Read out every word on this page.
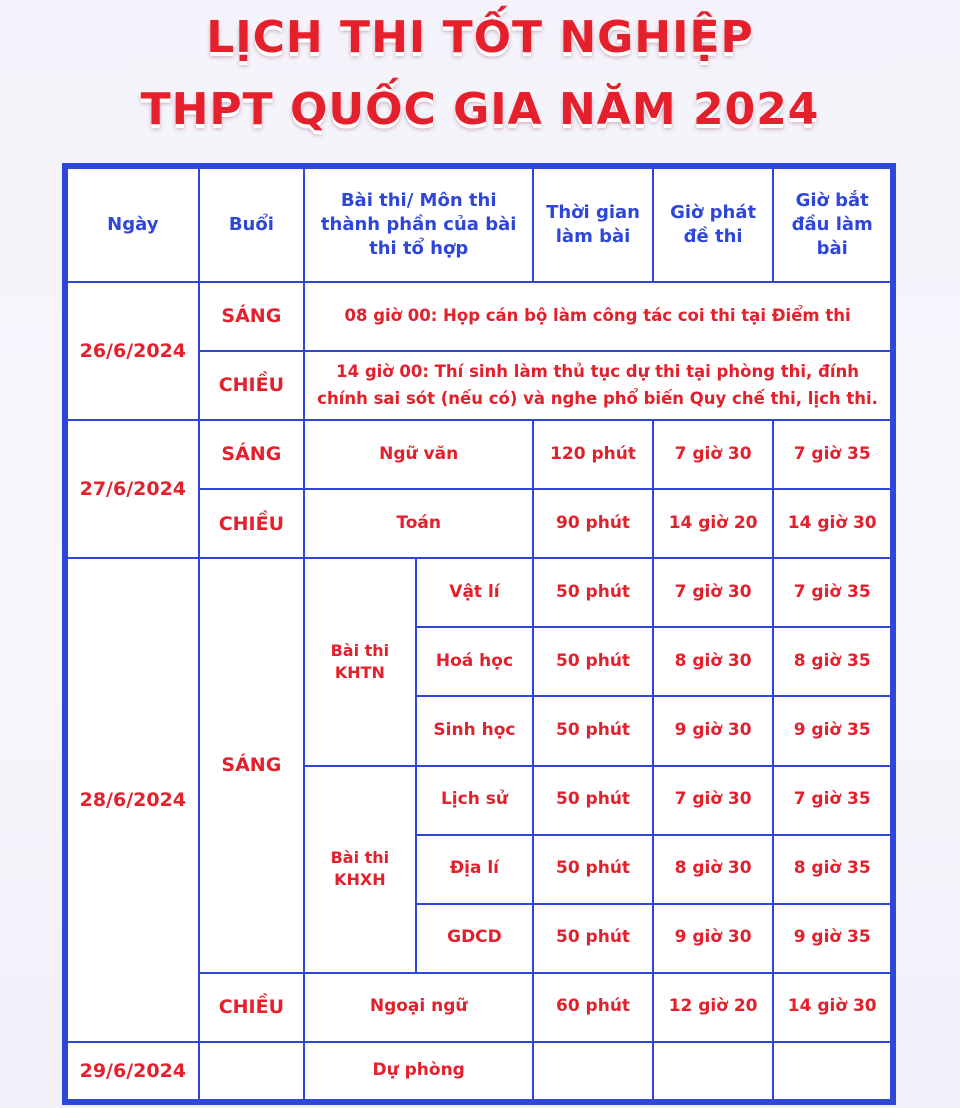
LỊCH THI TỐT NGHIỆP
THPT QUỐC GIA NĂM 2024
Ngày	Buổi	Bài thi/ Môn thi thành phần của bài thi tổ hợp		Thời gian làm bài	Giờ phát đề thi	Giờ bắt đầu làm bài
26/6/2024	SÁNG	08 giờ 00: Họp cán bộ làm công tác coi thi tại Điểm thi				
	CHIỀU	14 giờ 00: Thí sinh làm thủ tục dự thi tại phòng thi, đính chính sai sót (nếu có) và nghe phổ biến Quy chế thi, lịch thi.				
27/6/2024	SÁNG	Ngữ văn		120 phút	7 giờ 30	7 giờ 35
	CHIỀU	Toán		90 phút	14 giờ 20	14 giờ 30
28/6/2024	SÁNG	Bài thi KHTN	Vật lí	50 phút	7 giờ 30	7 giờ 35
			Hoá học	50 phút	8 giờ 30	8 giờ 35
			Sinh học	50 phút	9 giờ 30	9 giờ 35
		Bài thi KHXH	Lịch sử	50 phút	7 giờ 30	7 giờ 35
			Địa lí	50 phút	8 giờ 30	8 giờ 35
			GDCD	50 phút	9 giờ 30	9 giờ 35
	CHIỀU	Ngoại ngữ		60 phút	12 giờ 20	14 giờ 30
29/6/2024		Dự phòng				
